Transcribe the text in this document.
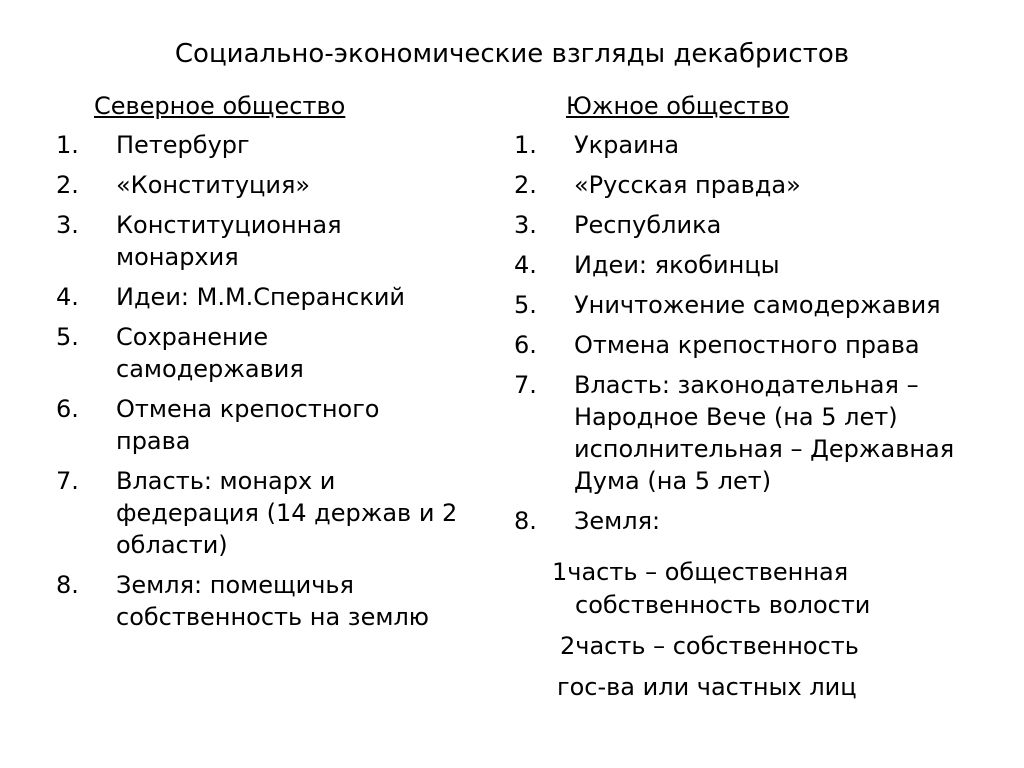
Социально-экономические взгляды декабристов
Северное общество	Южное общество
1.	Петербург
2.	«Конституция»
3.	Конституционная монархия
4.	Идеи: М.М.Сперанский
5.	Сохранение самодержавия
6.	Отмена крепостного права
7.	Власть: монарх и федерация (14 держав и 2 области)
8.	Земля: помещичья собственность на землю
1.	Украина
2.	«Русская правда»
3.	Республика
4.	Идеи: якобинцы
5.	Уничтожение самодержавия
6.	Отмена крепостного права
7.	Власть: законодательная – Народное Вече (на 5 лет) исполнительная – Державная Дума (на 5 лет)
8.	Земля:
1часть – общественная
собственность волости
2часть – собственность
гос-ва или частных лиц
